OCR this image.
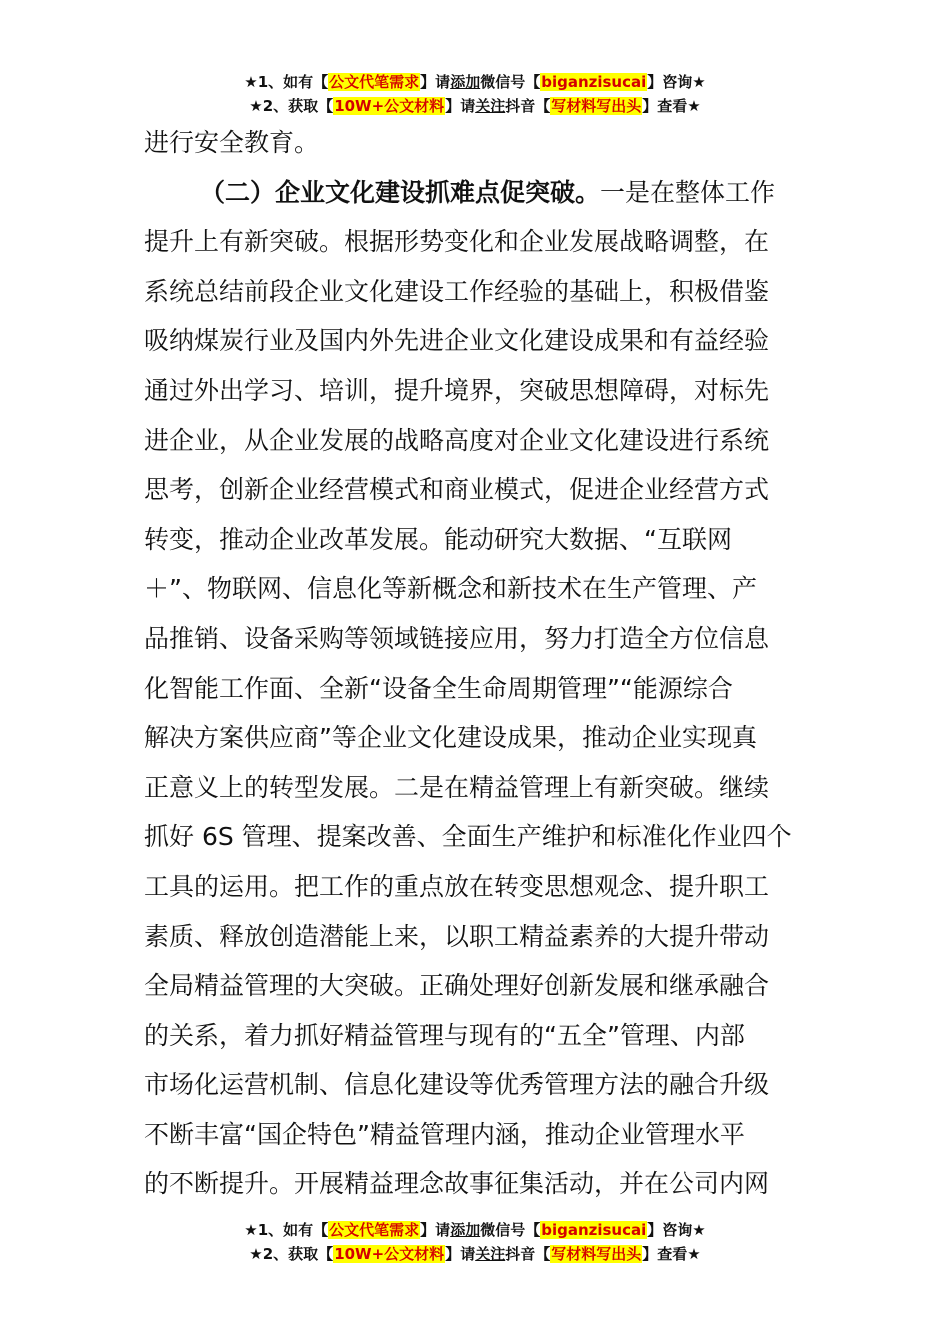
★1、如有【公文代笔需求】请添加微信号【biganzisucai】咨询★
★2、获取【10W+公文材料】请关注抖音【写材料写出头】查看★
进行安全教育。
（二）企业文化建设抓难点促突破。一是在整体工作
提升上有新突破。根据形势变化和企业发展战略调整，在
系统总结前段企业文化建设工作经验的基础上，积极借鉴
吸纳煤炭行业及国内外先进企业文化建设成果和有益经验
通过外出学习、培训，提升境界，突破思想障碍，对标先
进企业，从企业发展的战略高度对企业文化建设进行系统
思考，创新企业经营模式和商业模式，促进企业经营方式
转变，推动企业改革发展。能动研究大数据、“互联网
＋”、物联网、信息化等新概念和新技术在生产管理、产
品推销、设备采购等领域链接应用，努力打造全方位信息
化智能工作面、全新“设备全生命周期管理”“能源综合
解决方案供应商”等企业文化建设成果，推动企业实现真
正意义上的转型发展。二是在精益管理上有新突破。继续
抓好 6S 管理、提案改善、全面生产维护和标准化作业四个
工具的运用。把工作的重点放在转变思想观念、提升职工
素质、释放创造潜能上来，以职工精益素养的大提升带动
全局精益管理的大突破。正确处理好创新发展和继承融合
的关系，着力抓好精益管理与现有的“五全”管理、内部
市场化运营机制、信息化建设等优秀管理方法的融合升级
不断丰富“国企特色”精益管理内涵，推动企业管理水平
的不断提升。开展精益理念故事征集活动，并在公司内网
★1、如有【公文代笔需求】请添加微信号【biganzisucai】咨询★
★2、获取【10W+公文材料】请关注抖音【写材料写出头】查看★
